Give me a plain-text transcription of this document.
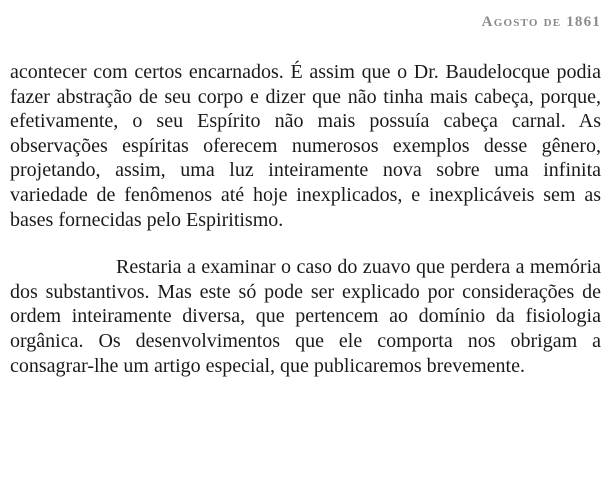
Agosto de 1861

acontecer com certos encarnados. É assim que o Dr. Baudelocque podia fazer abstração de seu corpo e dizer que não tinha mais cabeça, porque, efetivamente, o seu Espírito não mais possuía cabeça carnal. As observações espíritas oferecem numerosos exemplos desse gênero, projetando, assim, uma luz inteiramente nova sobre uma infinita variedade de fenômenos até hoje inexplicados, e inexplicáveis sem as bases fornecidas pelo Espiritismo.

Restaria a examinar o caso do zuavo que perdera a memória dos substantivos. Mas este só pode ser explicado por considerações de ordem inteiramente diversa, que pertencem ao domínio da fisiologia orgânica. Os desenvolvimentos que ele comporta nos obrigam a consagrar-lhe um artigo especial, que publicaremos brevemente.
